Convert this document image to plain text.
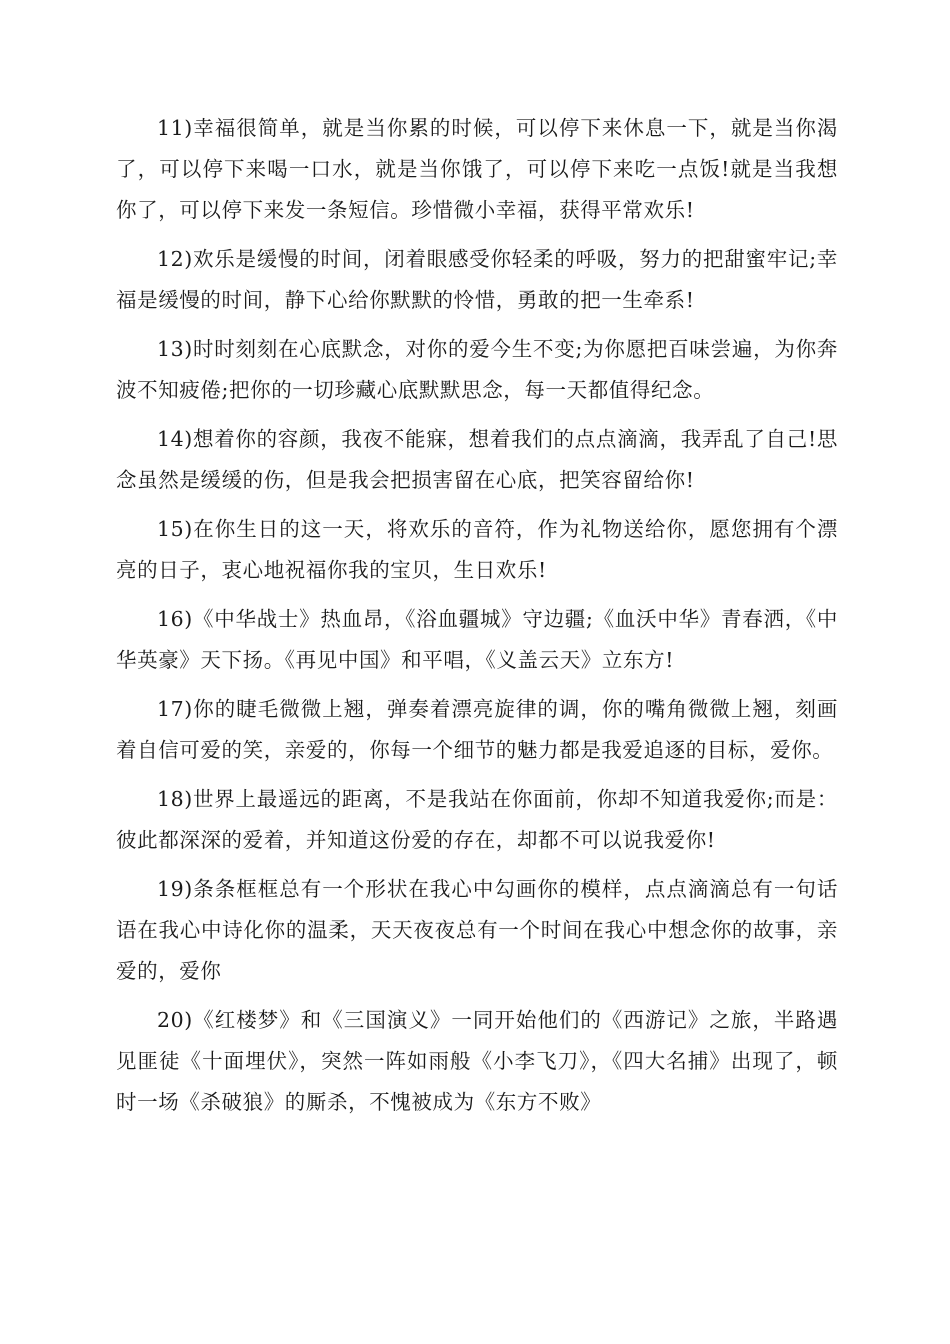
11)幸福很简单，就是当你累的时候，可以停下来休息一下，就是当你渴了，可以停下来喝一口水，就是当你饿了，可以停下来吃一点饭!就是当我想你了，可以停下来发一条短信。珍惜微小幸福，获得平常欢乐!

12)欢乐是缓慢的时间，闭着眼感受你轻柔的呼吸，努力的把甜蜜牢记;幸福是缓慢的时间，静下心给你默默的怜惜，勇敢的把一生牵系!

13)时时刻刻在心底默念，对你的爱今生不变;为你愿把百味尝遍，为你奔波不知疲倦;把你的一切珍藏心底默默思念，每一天都值得纪念。

14)想着你的容颜，我夜不能寐，想着我们的点点滴滴，我弄乱了自己!思念虽然是缓缓的伤，但是我会把损害留在心底，把笑容留给你!

15)在你生日的这一天，将欢乐的音符，作为礼物送给你，愿您拥有个漂亮的日子，衷心地祝福你我的宝贝，生日欢乐!

16)《中华战士》热血昂，《浴血疆城》守边疆;《血沃中华》青春洒，《中华英豪》天下扬。《再见中国》和平唱，《义盖云天》立东方!

17)你的睫毛微微上翘，弹奏着漂亮旋律的调，你的嘴角微微上翘，刻画着自信可爱的笑，亲爱的，你每一个细节的魅力都是我爱追逐的目标，爱你。

18)世界上最遥远的距离，不是我站在你面前，你却不知道我爱你;而是：彼此都深深的爱着，并知道这份爱的存在，却都不可以说我爱你!

19)条条框框总有一个形状在我心中勾画你的模样，点点滴滴总有一句话语在我心中诗化你的温柔，天天夜夜总有一个时间在我心中想念你的故事，亲爱的，爱你

20)《红楼梦》和《三国演义》一同开始他们的《西游记》之旅，半路遇见匪徒《十面埋伏》，突然一阵如雨般《小李飞刀》，《四大名捕》出现了，顿时一场《杀破狼》的厮杀，不愧被成为《东方不败》
